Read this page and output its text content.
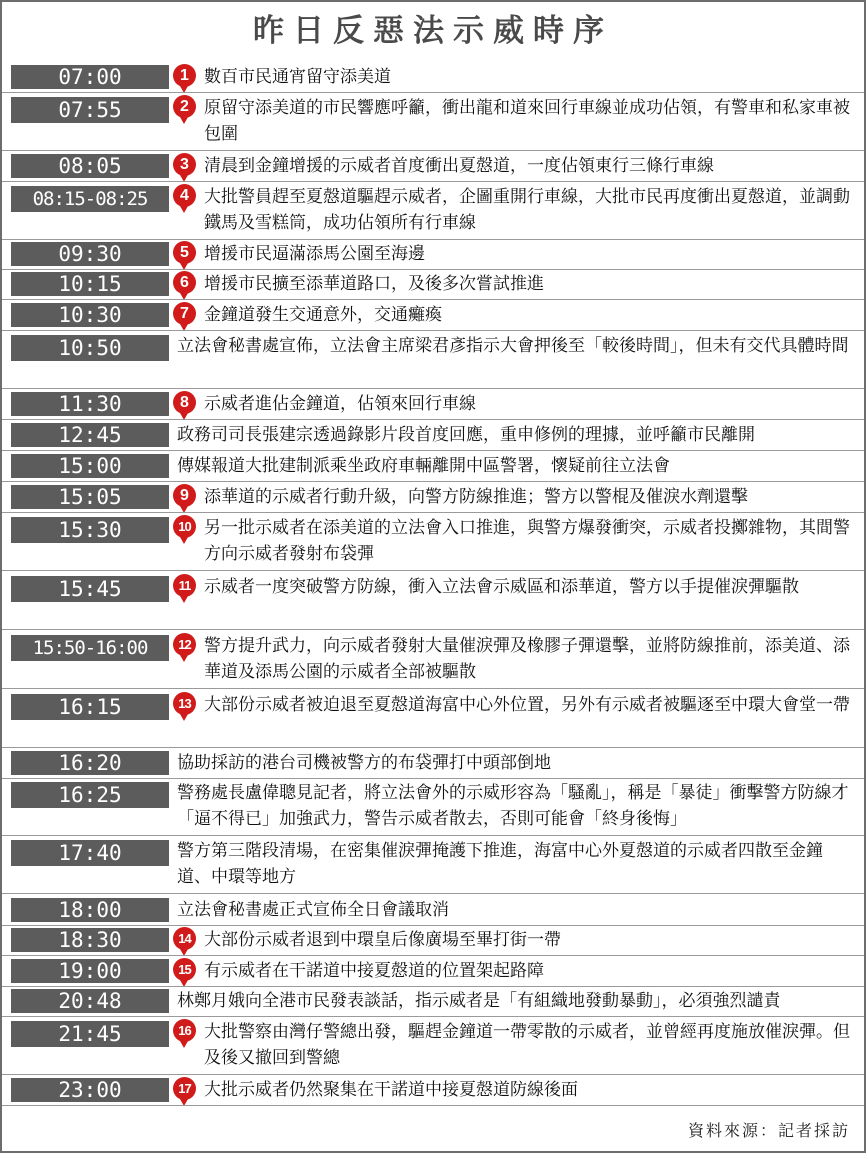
昨日反惡法示威時序
07:00	1 數百市民通宵留守添美道
07:55	2 原留守添美道的市民響應呼籲，衝出龍和道來回行車線並成功佔領，有警車和私家車被包圍
08:05	3 清晨到金鐘增援的示威者首度衝出夏慤道，一度佔領東行三條行車線
08:15-08:25	4 大批警員趕至夏慤道驅趕示威者，企圖重開行車線，大批市民再度衝出夏慤道，並調動鐵馬及雪糕筒，成功佔領所有行車線
09:30	5 增援市民逼滿添馬公園至海邊
10:15	6 增援市民擴至添華道路口，及後多次嘗試推進
10:30	7 金鐘道發生交通意外，交通癱瘓
10:50	立法會秘書處宣佈，立法會主席梁君彥指示大會押後至「較後時間」，但未有交代具體時間
11:30	8 示威者進佔金鐘道，佔領來回行車線
12:45	政務司司長張建宗透過錄影片段首度回應，重申修例的理據，並呼籲市民離開
15:00	傳媒報道大批建制派乘坐政府車輛離開中區警署，懷疑前往立法會
15:05	9 添華道的示威者行動升級，向警方防線推進；警方以警棍及催淚水劑還擊
15:30	10 另一批示威者在添美道的立法會入口推進，與警方爆發衝突，示威者投擲雜物，其間警方向示威者發射布袋彈
15:45	11 示威者一度突破警方防線，衝入立法會示威區和添華道，警方以手提催淚彈驅散
15:50-16:00	12 警方提升武力，向示威者發射大量催淚彈及橡膠子彈還擊，並將防線推前，添美道、添華道及添馬公園的示威者全部被驅散
16:15	13 大部份示威者被迫退至夏慤道海富中心外位置，另外有示威者被驅逐至中環大會堂一帶
16:20	協助採訪的港台司機被警方的布袋彈打中頭部倒地
16:25	警務處長盧偉聰見記者，將立法會外的示威形容為「騷亂」，稱是「暴徒」衝擊警方防線才「逼不得已」加強武力，警告示威者散去，否則可能會「終身後悔」
17:40	警方第三階段清場，在密集催淚彈掩護下推進，海富中心外夏慤道的示威者四散至金鐘道、中環等地方
18:00	立法會秘書處正式宣佈全日會議取消
18:30	14 大部份示威者退到中環皇后像廣場至畢打街一帶
19:00	15 有示威者在干諾道中接夏慤道的位置架起路障
20:48	林鄭月娥向全港市民發表談話，指示威者是「有組織地發動暴動」，必須強烈譴責
21:45	16 大批警察由灣仔警總出發，驅趕金鐘道一帶零散的示威者，並曾經再度施放催淚彈。但及後又撤回到警總
23:00	17 大批示威者仍然聚集在干諾道中接夏慤道防線後面
資料來源：記者採訪
